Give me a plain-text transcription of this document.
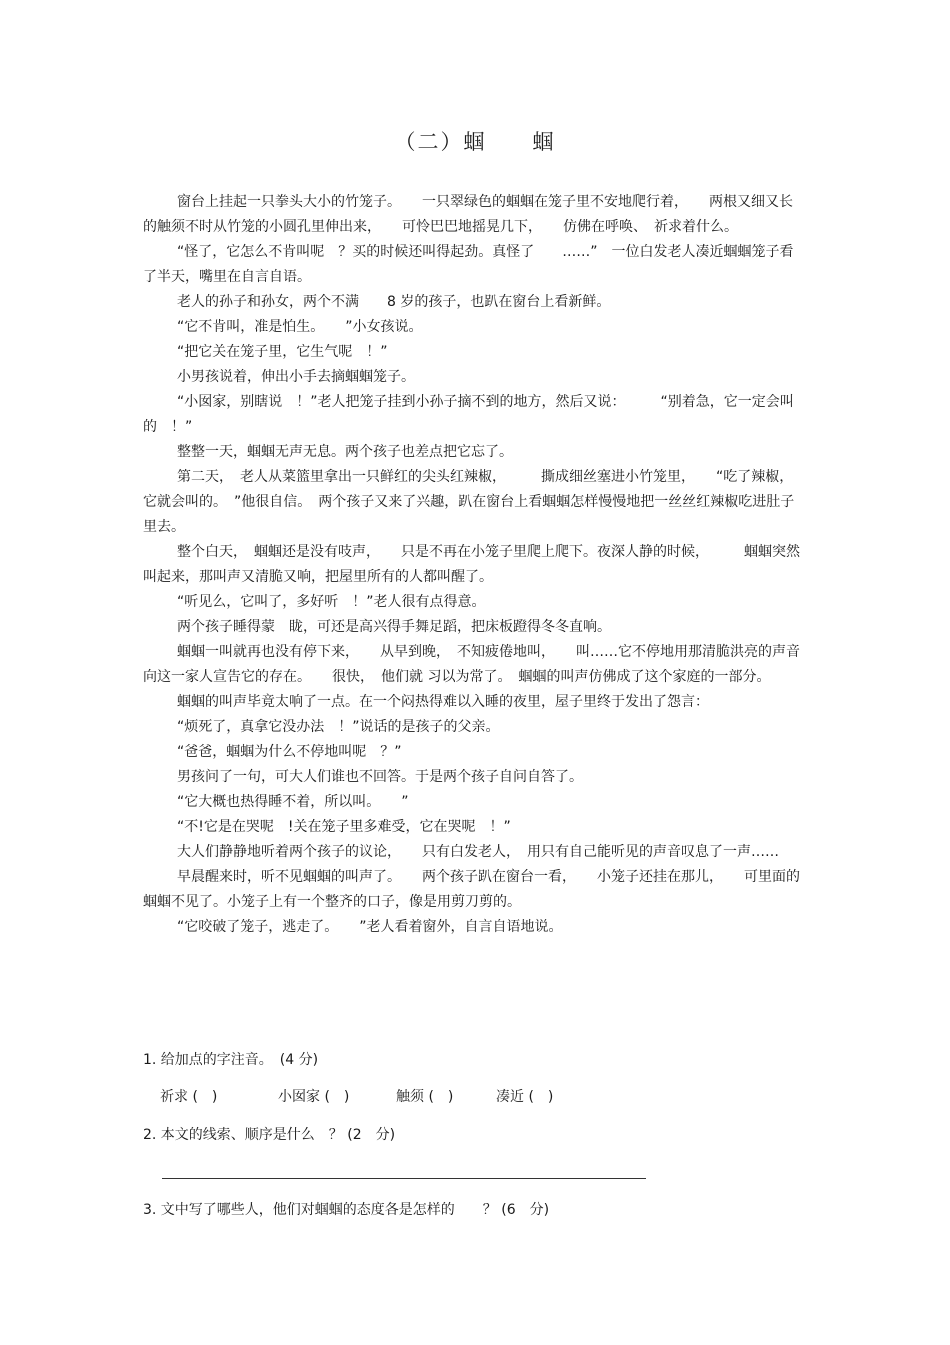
（二）蝈 蝈

窗台上挂起一只拳头大小的竹笼子。　　一只翠绿色的蝈蝈在笼子里不安地爬行着，　　两根又细又长的触须不时从竹笼的小圆孔里伸出来，　　可怜巴巴地摇晃几下，　　仿佛在呼唤、　祈求着什么。

“怪了，它怎么不肯叫呢　？买的时候还叫得起劲。真怪了　　……”　一位白发老人凑近蝈蝈笼子看了半天，嘴里在自言自语。

老人的孙子和孙女，两个不满　　8 岁的孩子，也趴在窗台上看新鲜。

“它不肯叫，准是怕生。　　”小女孩说。

“把它关在笼子里，它生气呢　！”

小男孩说着，伸出小手去摘蝈蝈笼子。

“小囡家，别瞎说　！”老人把笼子挂到小孙子摘不到的地方，然后又说：　　　“别着急，它一定会叫的　！”

整整一天，蝈蝈无声无息。两个孩子也差点把它忘了。

第二天，　老人从菜篮里拿出一只鲜红的尖头红辣椒，　　　撕成细丝塞进小竹笼里，　　“吃了辣椒，它就会叫的。　”他很自信。　两个孩子又来了兴趣，趴在窗台上看蝈蝈怎样慢慢地把一丝丝红辣椒吃进肚子里去。

整个白天，　蝈蝈还是没有吱声，　　只是不再在小笼子里爬上爬下。夜深人静的时候，　　　蝈蝈突然叫起来，那叫声又清脆又响，把屋里所有的人都叫醒了。

“听见么，它叫了，多好听　！”老人很有点得意。

两个孩子睡得蒙　眬，可还是高兴得手舞足蹈，把床板蹬得冬冬直响。

蝈蝈一叫就再也没有停下来，　　从早到晚，　不知疲倦地叫，　　叫……它不停地用那清脆洪亮的声音向这一家人宣告它的存在。　　很快，　他们就 习以为常了。　蝈蝈的叫声仿佛成了这个家庭的一部分。

蝈蝈的叫声毕竟太响了一点。在一个闷热得难以入睡的夜里，屋子里终于发出了怨言：

“烦死了，真拿它没办法　！”说话的是孩子的父亲。

“爸爸，蝈蝈为什么不停地叫呢　？”

男孩问了一句，可大人们谁也不回答。于是两个孩子自问自答了。

“它大概也热得睡不着，所以叫。　　”

“不!它是在哭呢　!关在笼子里多难受，它在哭呢　！”

大人们静静地听着两个孩子的议论，　　只有白发老人，　用只有自己能听见的声音叹息了一声……

早晨醒来时，听不见蝈蝈的叫声了。　　两个孩子趴在窗台一看，　　小笼子还挂在那儿，　　可里面的蝈蝈不见了。小笼子上有一个整齐的口子，像是用剪刀剪的。

“它咬破了笼子，逃走了。　　”老人看着窗外，自言自语地说。

1. 给加点的字注音。　(4 分)
祈求 (　)	小囡家 (　)	触须 (　)	凑近 (　)
2. 本文的线索、顺序是什么　？ (2　分)
3. 文中写了哪些人，他们对蝈蝈的态度各是怎样的　　？ (6　分)
